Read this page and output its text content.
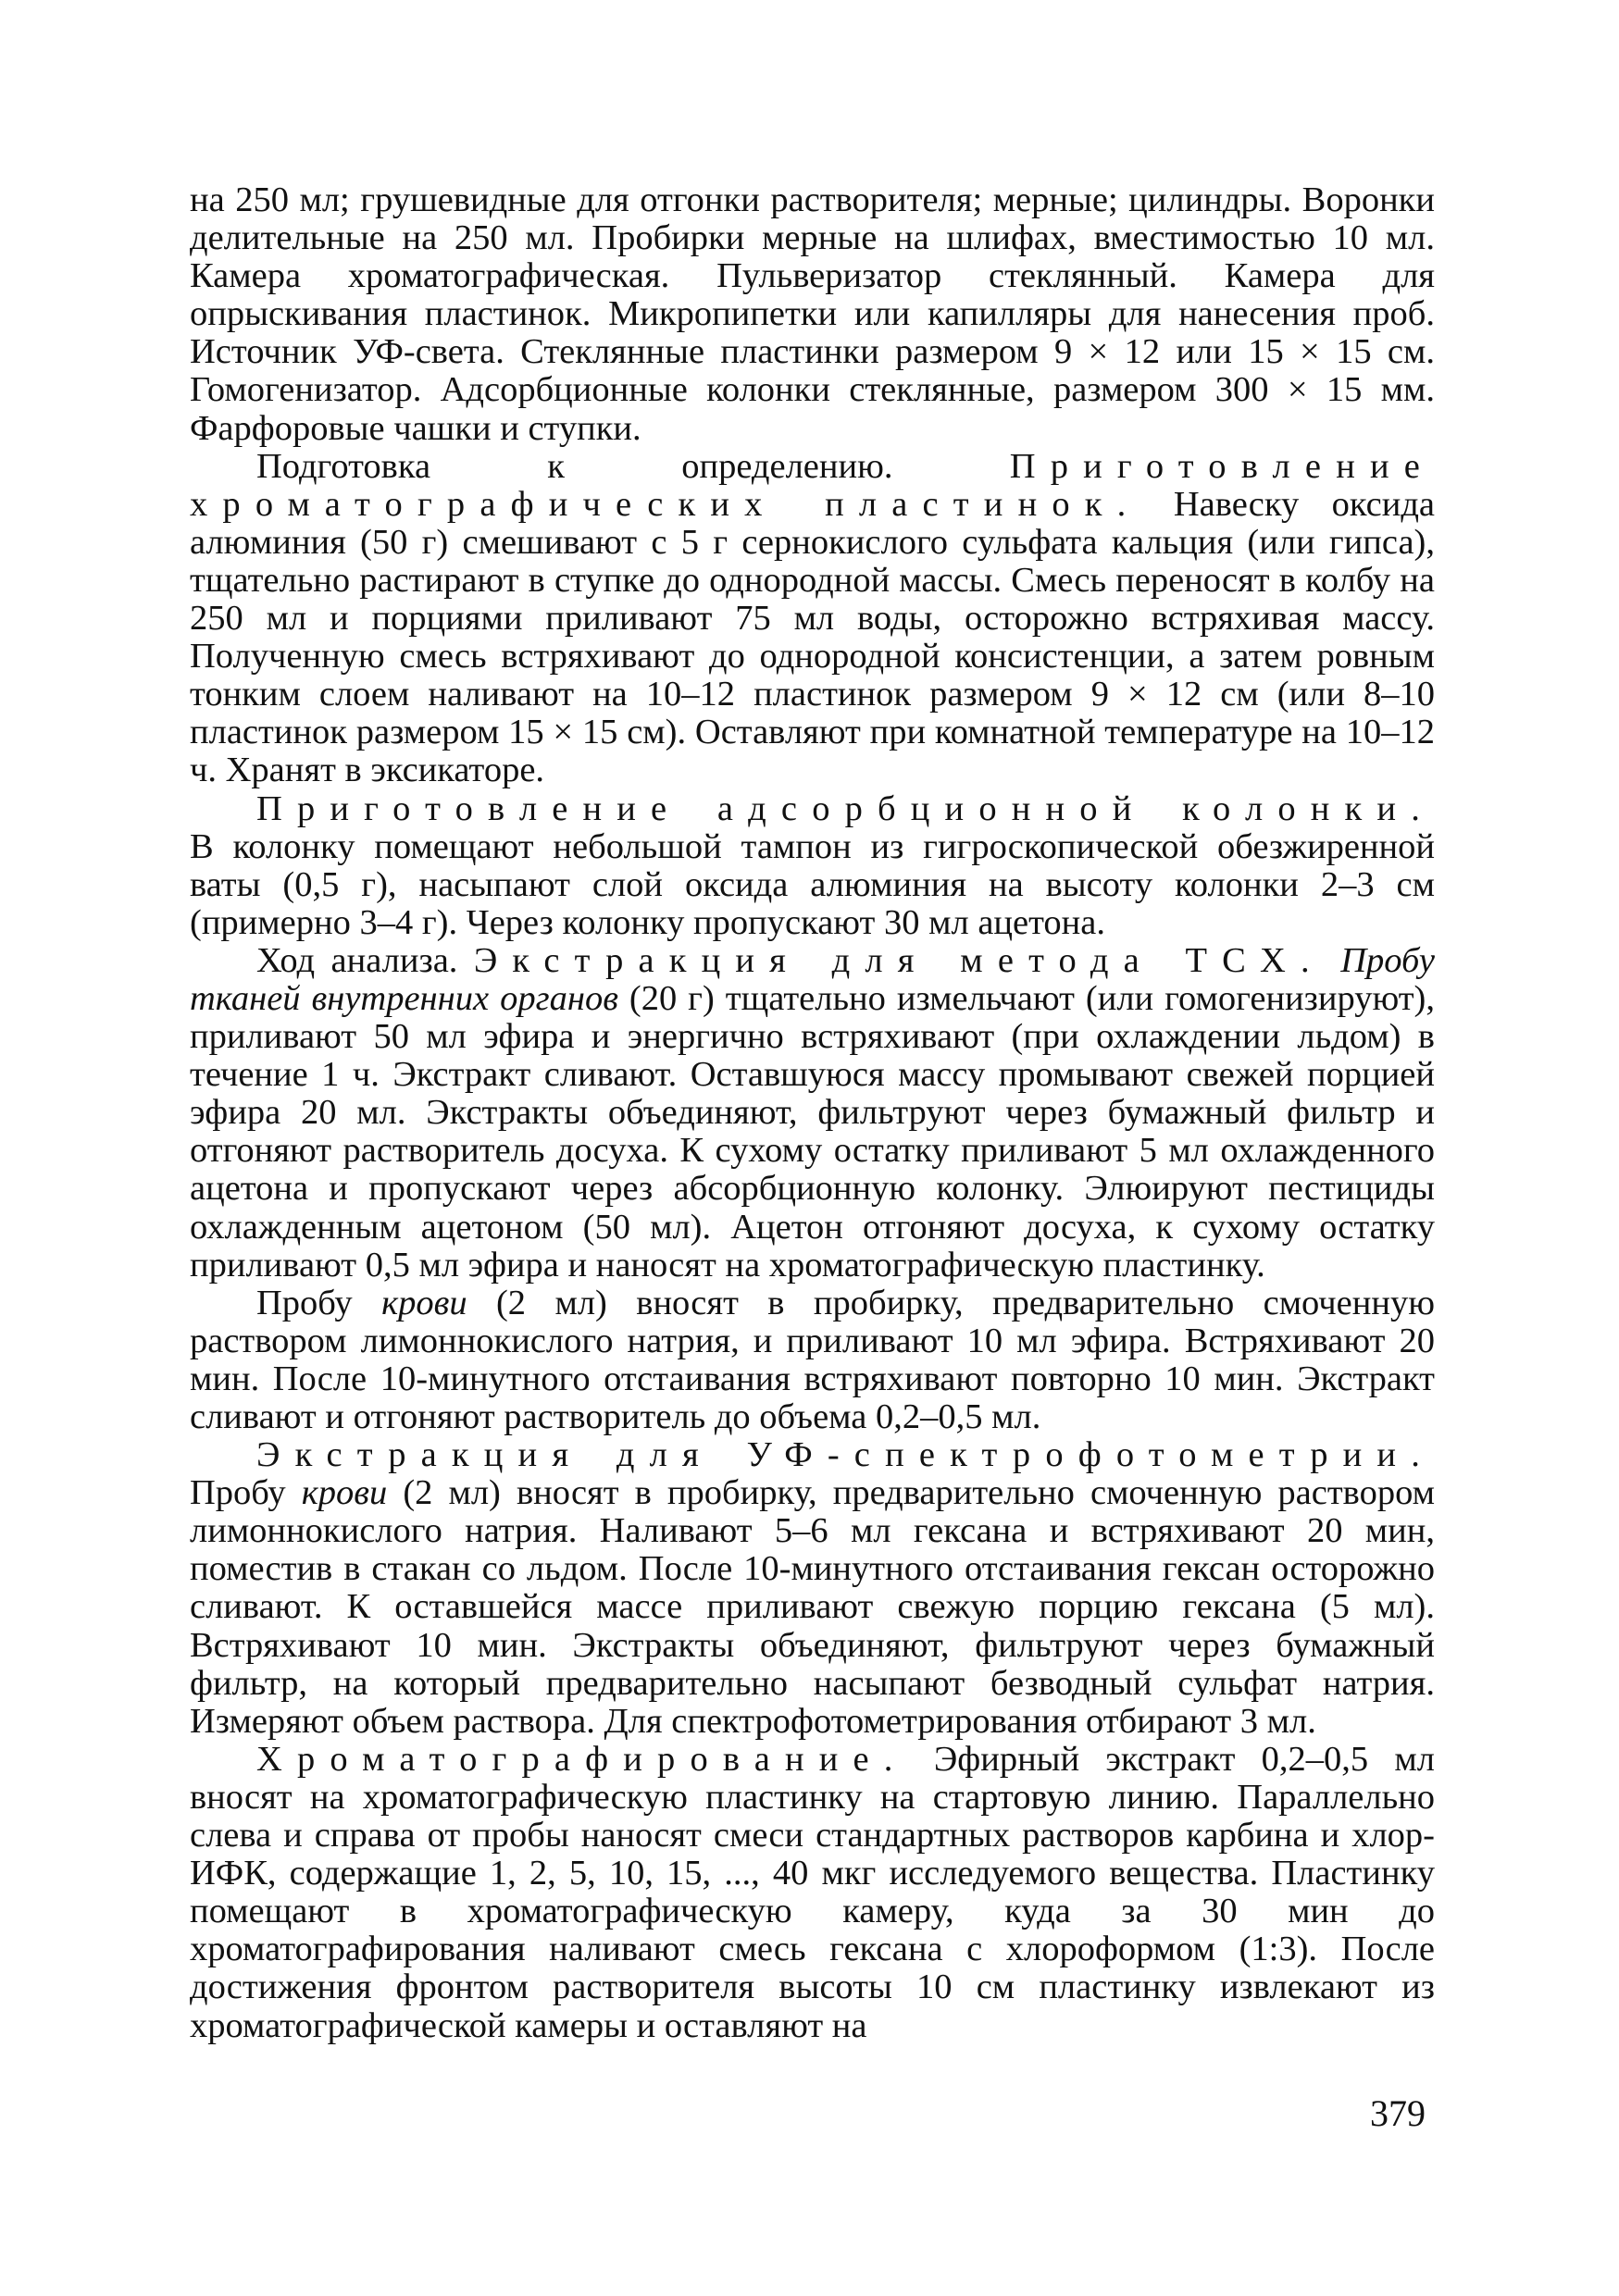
на 250 мл; грушевидные для отгонки растворителя; мерные; цилиндры. Воронки делительные на 250 мл. Пробирки мерные на шлифах, вместимостью 10 мл. Камера хроматографическая. Пульверизатор стеклянный. Камера для опрыскивания пластинок. Микропипетки или капилляры для нанесения проб. Источник УФ-света. Стеклянные пластинки размером 9 × 12 или 15 × 15 см. Гомогенизатор. Адсорбционные колонки стеклянные, размером 300 × 15 мм. Фарфоровые чашки и ступки.

Подготовка к определению. Приготовление хроматографических пластинок. Навеску оксида алюминия (50 г) смешивают с 5 г сернокислого сульфата кальция (или гипса), тщательно растирают в ступке до однородной массы. Смесь переносят в колбу на 250 мл и порциями приливают 75 мл воды, осторожно встряхивая массу. Полученную смесь встряхивают до однородной консистенции, а затем ровным тонким слоем наливают на 10–12 пластинок размером 9 × 12 см (или 8–10 пластинок размером 15 × 15 см). Оставляют при комнатной температуре на 10–12 ч. Хранят в эксикаторе.

Приготовление адсорбционной колонки. В колонку помещают небольшой тампон из гигроскопической обезжиренной ваты (0,5 г), насыпают слой оксида алюминия на высоту колонки 2–3 см (примерно 3–4 г). Через колонку пропускают 30 мл ацетона.

Ход анализа. Экстракция для метода ТСХ. Пробу тканей внутренних органов (20 г) тщательно измельчают (или гомогенизируют), приливают 50 мл эфира и энергично встряхивают (при охлаждении льдом) в течение 1 ч. Экстракт сливают. Оставшуюся массу промывают свежей порцией эфира 20 мл. Экстракты объединяют, фильтруют через бумажный фильтр и отгоняют растворитель досуха. К сухому остатку приливают 5 мл охлажденного ацетона и пропускают через абсорбционную колонку. Элюируют пестициды охлажденным ацетоном (50 мл). Ацетон отгоняют досуха, к сухому остатку приливают 0,5 мл эфира и наносят на хроматографическую пластинку.

Пробу крови (2 мл) вносят в пробирку, предварительно смоченную раствором лимоннокислого натрия, и приливают 10 мл эфира. Встряхивают 20 мин. После 10-минутного отстаивания встряхивают повторно 10 мин. Экстракт сливают и отгоняют растворитель до объема 0,2–0,5 мл.

Экстракция для УФ-спектрофотометрии. Пробу крови (2 мл) вносят в пробирку, предварительно смоченную раствором лимоннокислого натрия. Наливают 5–6 мл гексана и встряхивают 20 мин, поместив в стакан со льдом. После 10-минутного отстаивания гексан осторожно сливают. К оставшейся массе приливают свежую порцию гексана (5 мл). Встряхивают 10 мин. Экстракты объединяют, фильтруют через бумажный фильтр, на который предварительно насыпают безводный сульфат натрия. Измеряют объем раствора. Для спектрофотометрирования отбирают 3 мл.

Хроматографирование. Эфирный экстракт 0,2–0,5 мл вносят на хроматографическую пластинку на стартовую линию. Параллельно слева и справа от пробы наносят смеси стандартных растворов карбина и хлор-ИФК, содержащие 1, 2, 5, 10, 15, ..., 40 мкг исследуемого вещества. Пластинку помещают в хроматографическую камеру, куда за 30 мин до хроматографирования наливают смесь гексана с хлороформом (1:3). После достижения фронтом растворителя высоты 10 см пластинку извлекают из хроматографической камеры и оставляют на

379
